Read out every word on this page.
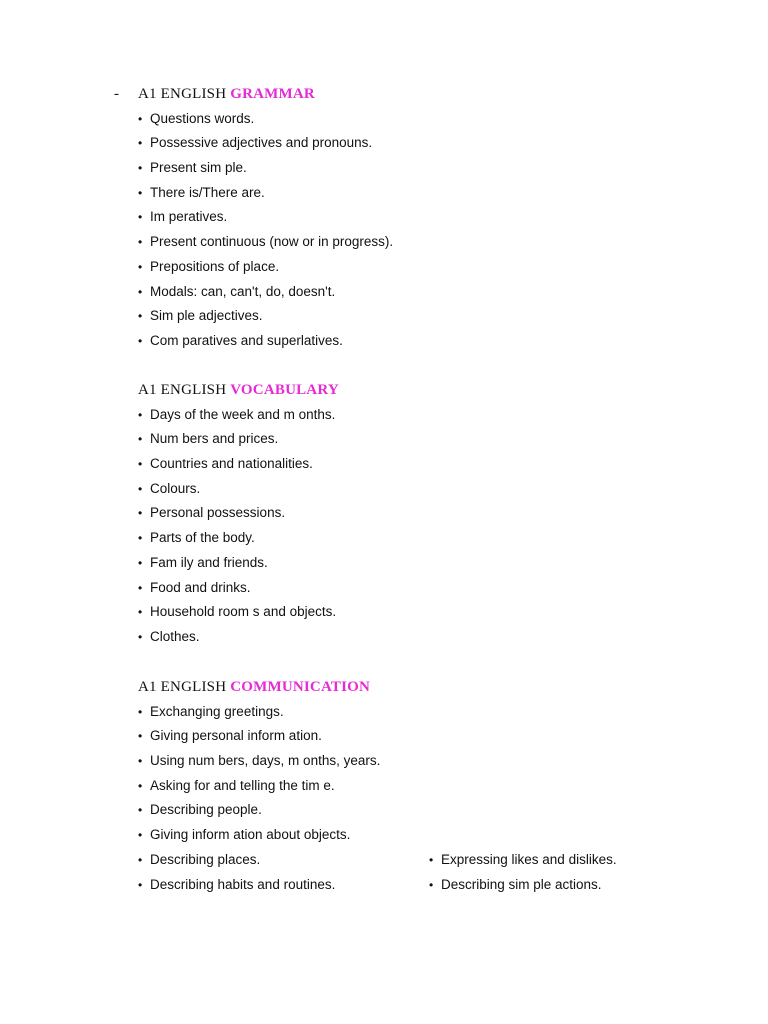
- A1 ENGLISH GRAMMAR
• Questions words.
• Possessive adjectives and pronouns.
• Present sim ple.
• There is/There are.
• Im peratives.
• Present continuous (now or in progress).
• Prepositions of place.
• Modals: can, can't, do, doesn't.
• Sim ple adjectives.
• Com paratives and superlatives.
A1 ENGLISH VOCABULARY
• Days of the week and m onths.
• Num bers and prices.
• Countries and nationalities.
• Colours.
• Personal possessions.
• Parts of the body.
• Fam ily and friends.
• Food and drinks.
• Household room s and objects.
• Clothes.
A1 ENGLISH COMMUNICATION
• Exchanging greetings.
• Giving personal inform ation.
• Using num bers, days, m onths, years.
• Asking for and telling the tim e.
• Describing people.
• Giving inform ation about objects.
• Describing places.	• Expressing likes and dislikes.
• Describing habits and routines.	• Describing sim ple actions.
